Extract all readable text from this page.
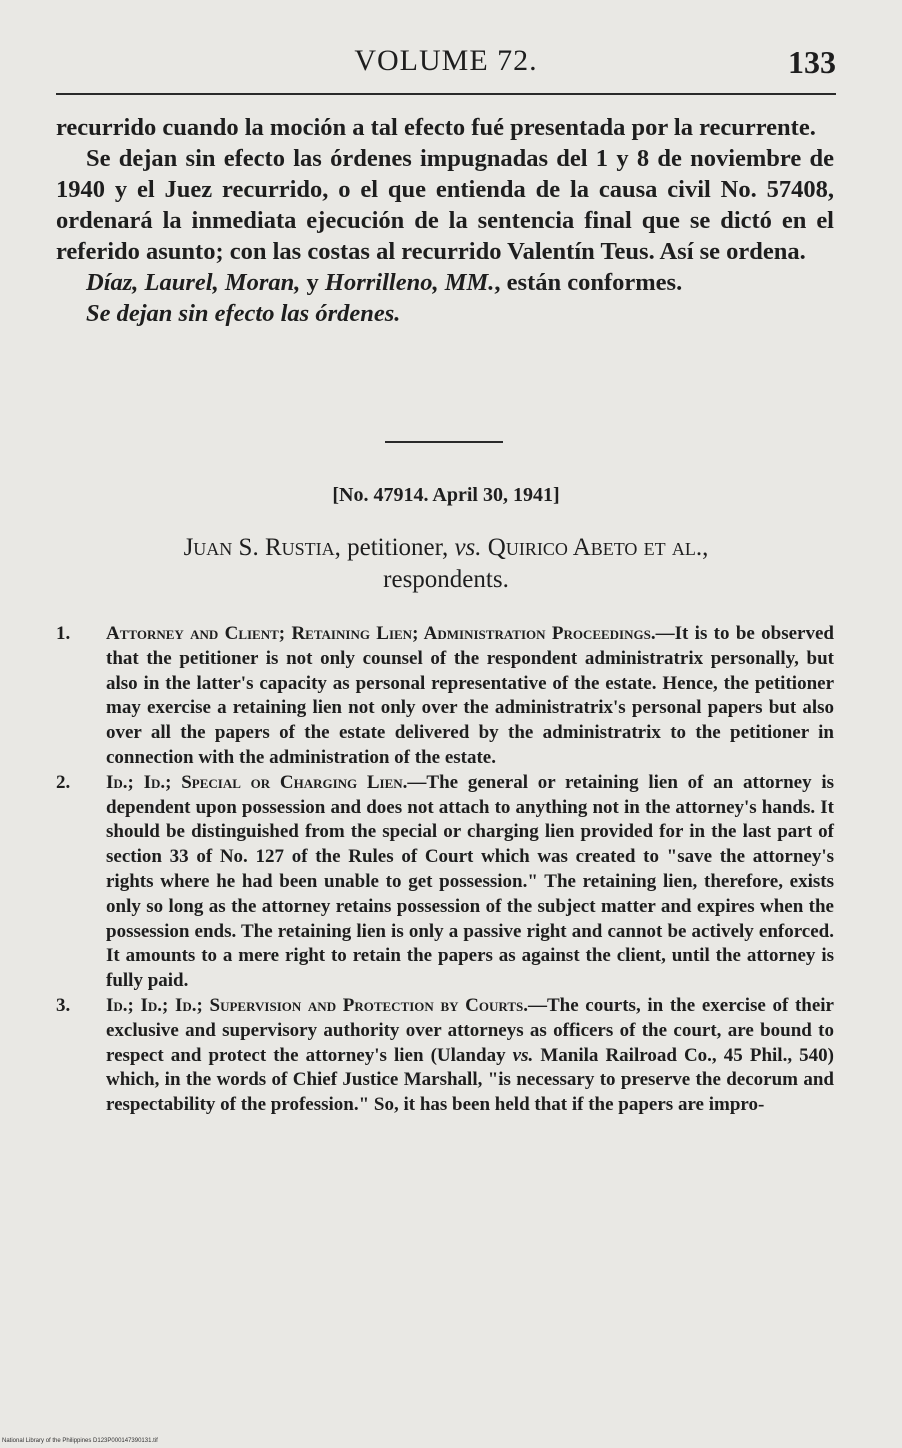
VOLUME 72.	133

recurrido cuando la moción a tal efecto fué presentada por la recurrente.

Se dejan sin efecto las órdenes impugnadas del 1 y 8 de noviembre de 1940 y el Juez recurrido, o el que entienda de la causa civil No. 57408, ordenará la inmediata ejecución de la sentencia final que se dictó en el referido asunto; con las costas al recurrido Valentín Teus. Así se ordena.

Díaz, Laurel, Moran, y Horrilleno, MM., están conformes.

Se dejan sin efecto las órdenes.

[No. 47914. April 30, 1941]
Juan S. Rustia, petitioner, vs. Quirico Abeto et al.,
respondents.

1. Attorney and Client; Retaining Lien; Administration Proceedings.—It is to be observed that the petitioner is not only counsel of the respondent administratrix personally, but also in the latter's capacity as personal representative of the estate. Hence, the petitioner may exercise a retaining lien not only over the administratrix's personal papers but also over all the papers of the estate delivered by the administratrix to the petitioner in connection with the administration of the estate.

2. Id.; Id.; Special or Charging Lien.—The general or retaining lien of an attorney is dependent upon possession and does not attach to anything not in the attorney's hands. It should be distinguished from the special or charging lien provided for in the last part of section 33 of No. 127 of the Rules of Court which was created to "save the attorney's rights where he had been unable to get possession." The retaining lien, therefore, exists only so long as the attorney retains possession of the subject matter and expires when the possession ends. The retaining lien is only a passive right and cannot be actively enforced. It amounts to a mere right to retain the papers as against the client, until the attorney is fully paid.

3. Id.; Id.; Id.; Supervision and Protection by Courts.—The courts, in the exercise of their exclusive and supervisory authority over attorneys as officers of the court, are bound to respect and protect the attorney's lien (Ulanday vs. Manila Railroad Co., 45 Phil., 540) which, in the words of Chief Justice Marshall, "is necessary to preserve the decorum and respectability of the profession." So, it has been held that if the papers are impro-

National Library of the Philippines D123P000147390131.tif
